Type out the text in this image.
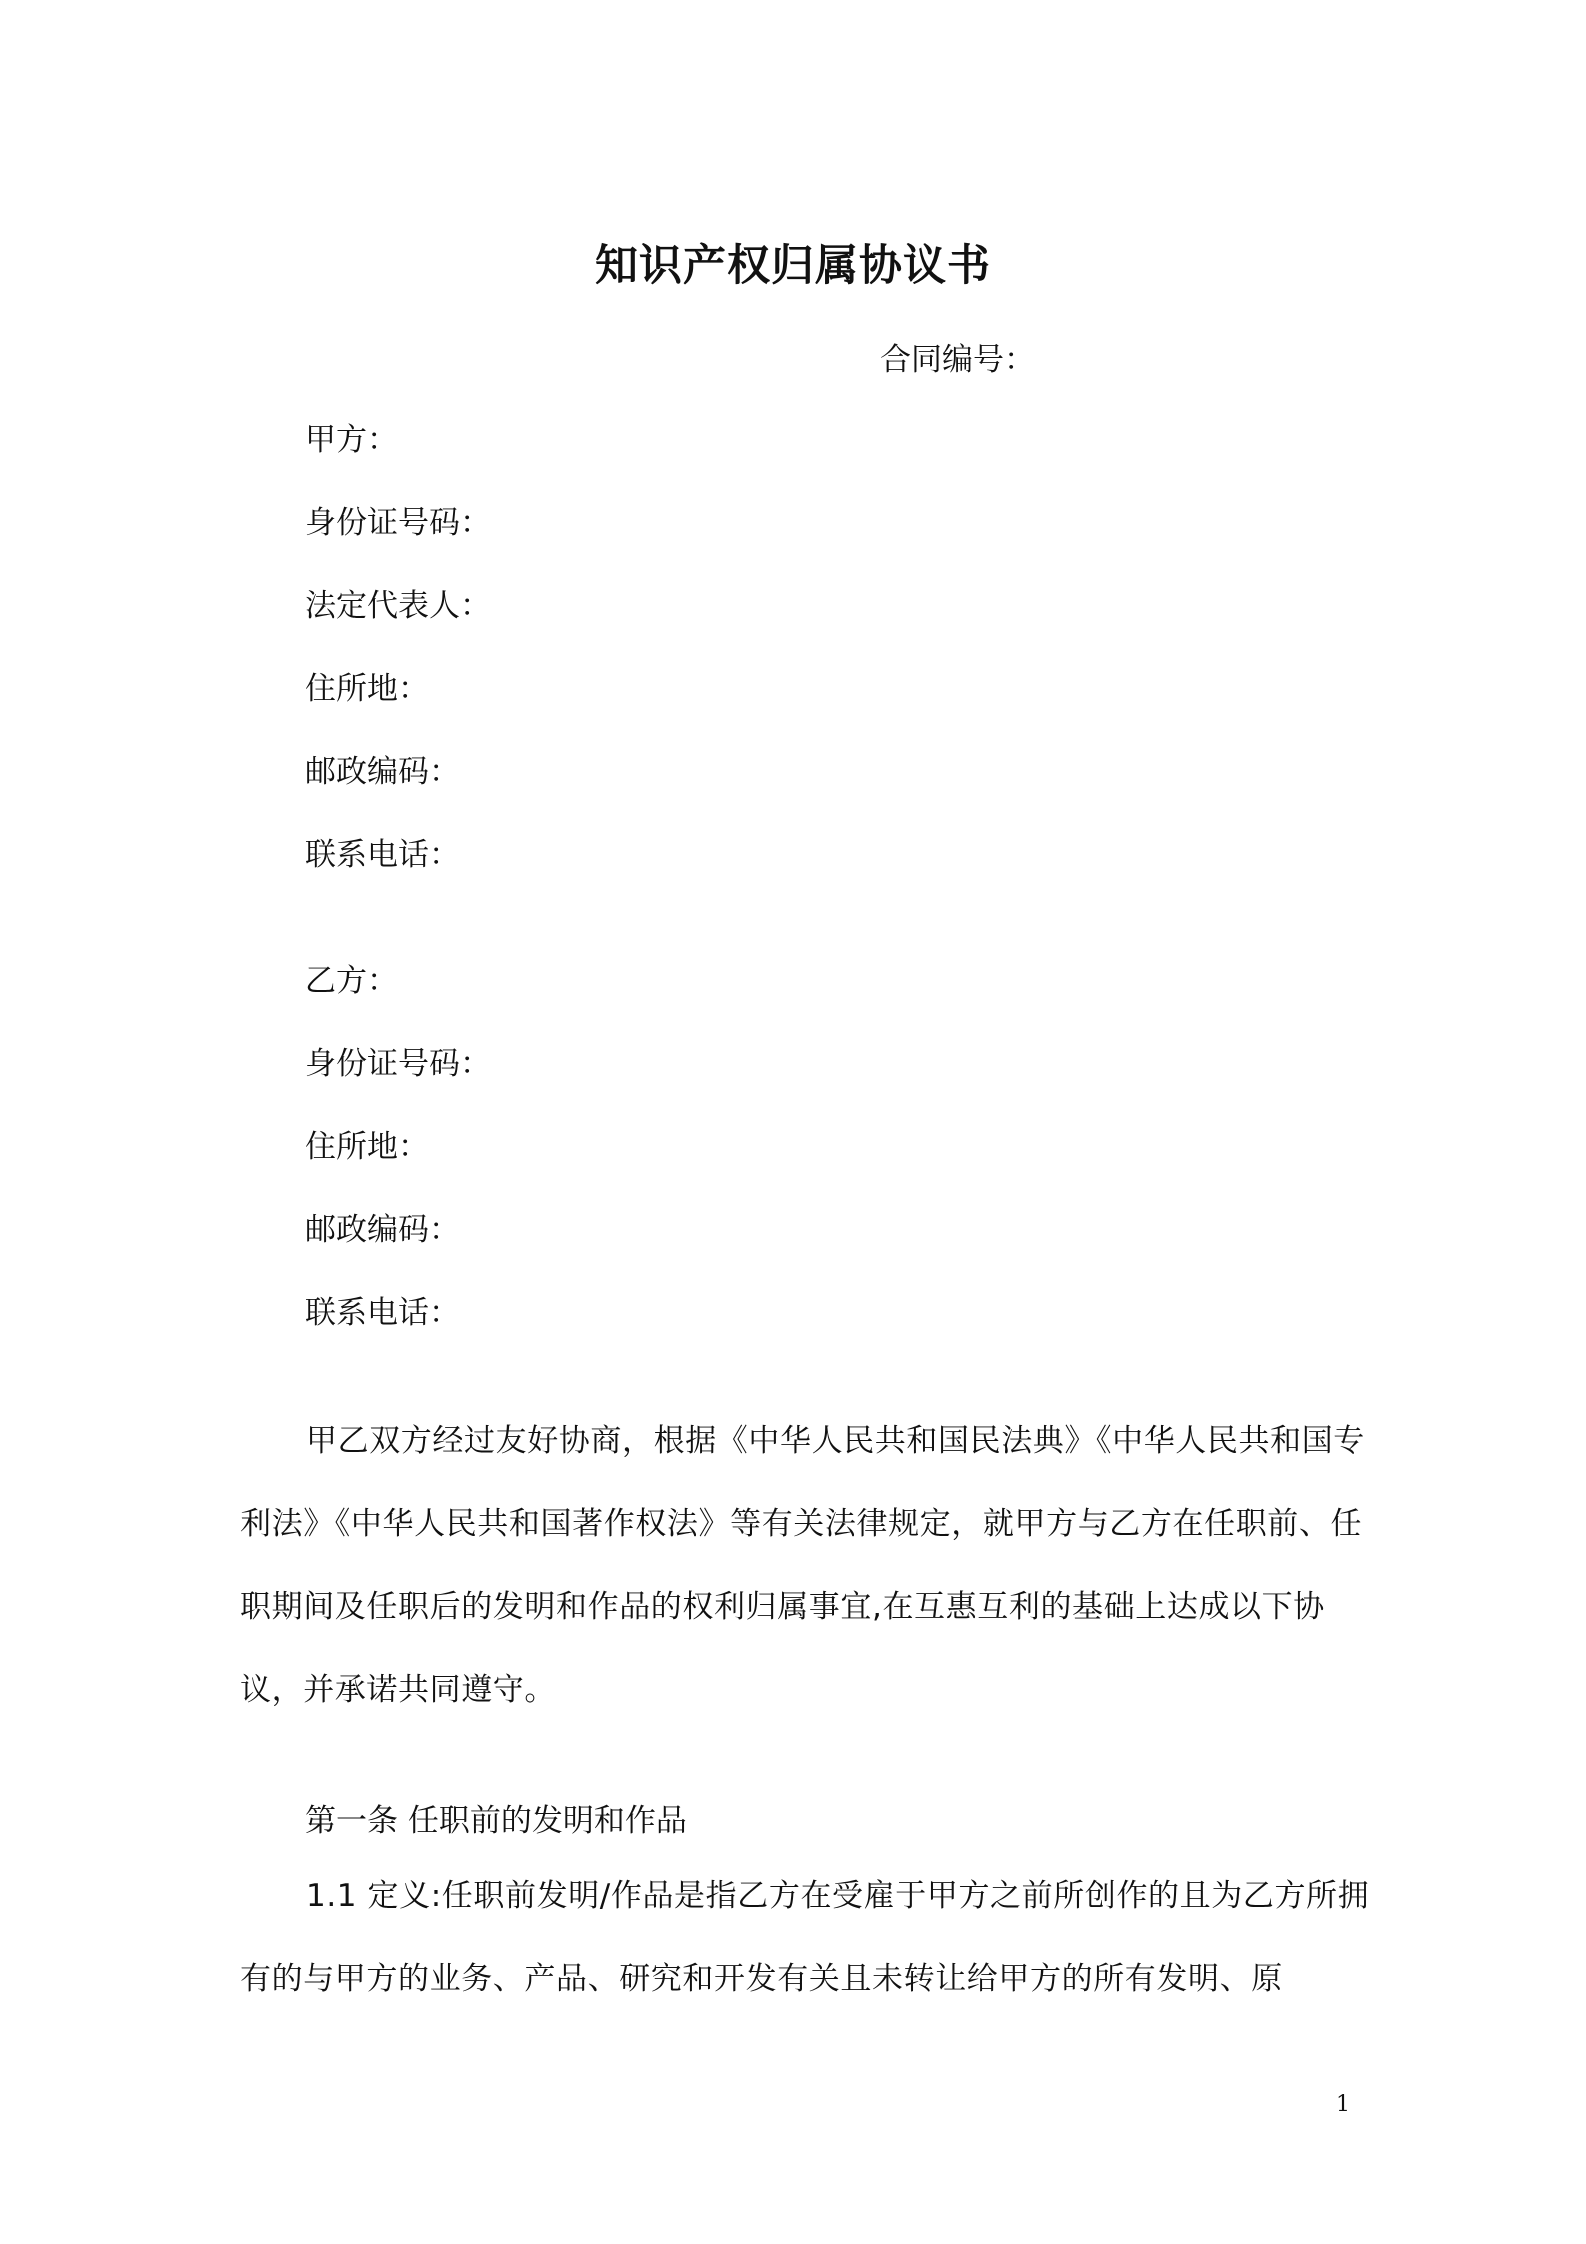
知识产权归属协议书
合同编号：
甲方：
身份证号码：
法定代表人：
住所地：
邮政编码：
联系电话：
乙方：
身份证号码：
住所地：
邮政编码：
联系电话：
甲乙双方经过友好协商，根据《中华人民共和国民法典》《中华人民共和国专利法》《中华人民共和国著作权法》等有关法律规定，就甲方与乙方在任职前、任职期间及任职后的发明和作品的权利归属事宜,在互惠互利的基础上达成以下协议，并承诺共同遵守。
第一条 任职前的发明和作品
1.1 定义:任职前发明/作品是指乙方在受雇于甲方之前所创作的且为乙方所拥有的与甲方的业务、产品、研究和开发有关且未转让给甲方的所有发明、原
1
